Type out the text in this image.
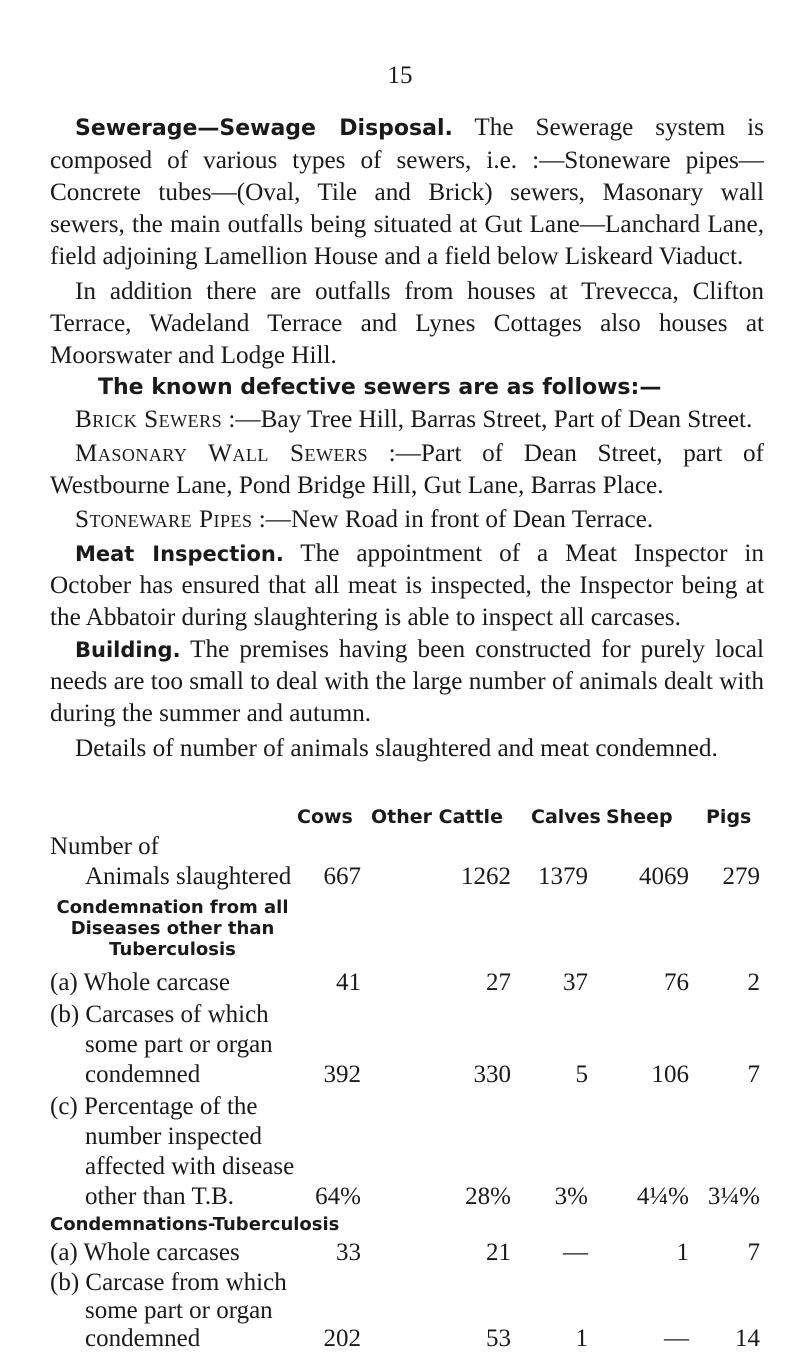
15

Sewerage—Sewage Disposal. The Sewerage system is composed of various types of sewers, i.e. :—Stoneware pipes—Concrete tubes—(Oval, Tile and Brick) sewers, Masonary wall sewers, the main outfalls being situated at Gut Lane—Lanchard Lane, field adjoining Lamellion House and a field below Liskeard Viaduct.

In addition there are outfalls from houses at Trevecca, Clifton Terrace, Wadeland Terrace and Lynes Cottages also houses at Moorswater and Lodge Hill.

The known defective sewers are as follows:—

Brick Sewers :—Bay Tree Hill, Barras Street, Part of Dean Street.

Masonary Wall Sewers :—Part of Dean Street, part of Westbourne Lane, Pond Bridge Hill, Gut Lane, Barras Place.

Stoneware Pipes :—New Road in front of Dean Terrace.

Meat Inspection. The appointment of a Meat Inspector in October has ensured that all meat is inspected, the Inspector being at the Abbatoir during slaughtering is able to inspect all carcases.

Building. The premises having been constructed for purely local needs are too small to deal with the large number of animals dealt with during the summer and autumn.

Details of number of animals slaughtered and meat condemned.

Cows Other Cattle Calves Sheep Pigs
Number of
Animals slaughtered 667	1262 1379 4069 279
Condemnation from all
Diseases other than
Tuberculosis
(a) Whole carcase	41	27 37	76 2
(b) Carcases of which
some part or organ
condemned	392	330	5	106 7
(c) Percentage of the
number inspected
affected with disease
other than T.B.	64%	28% 3% 4¼% 3¼%
Condemnations-Tuberculosis
(a) Whole carcases	33	21 —	1 7
(b) Carcase from which
some part or organ
condemned	202	53	1	— 14
